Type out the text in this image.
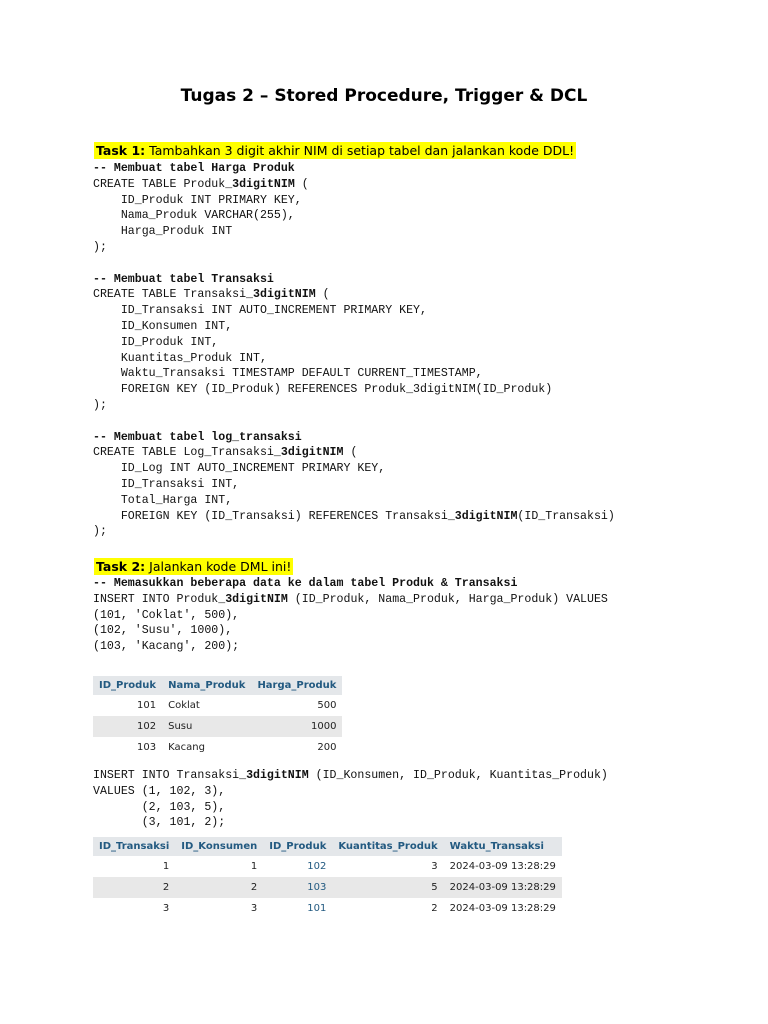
Tugas 2 – Stored Procedure, Trigger & DCL
Task 1: Tambahkan 3 digit akhir NIM di setiap tabel dan jalankan kode DDL!
-- Membuat tabel Harga Produk
CREATE TABLE Produk_3digitNIM (
ID_Produk INT PRIMARY KEY,
Nama_Produk VARCHAR(255),
Harga_Produk INT
);

-- Membuat tabel Transaksi
CREATE TABLE Transaksi_3digitNIM (
ID_Transaksi INT AUTO_INCREMENT PRIMARY KEY,
ID_Konsumen INT,
ID_Produk INT,
Kuantitas_Produk INT,
Waktu_Transaksi TIMESTAMP DEFAULT CURRENT_TIMESTAMP,
FOREIGN KEY (ID_Produk) REFERENCES Produk_3digitNIM(ID_Produk)
);

-- Membuat tabel log_transaksi
CREATE TABLE Log_Transaksi_3digitNIM (
ID_Log INT AUTO_INCREMENT PRIMARY KEY,
ID_Transaksi INT,
Total_Harga INT,
FOREIGN KEY (ID_Transaksi) REFERENCES Transaksi_3digitNIM(ID_Transaksi)
);
Task 2: Jalankan kode DML ini!
-- Memasukkan beberapa data ke dalam tabel Produk & Transaksi
INSERT INTO Produk_3digitNIM (ID_Produk, Nama_Produk, Harga_Produk) VALUES
(101, 'Coklat', 500),
(102, 'Susu', 1000),
(103, 'Kacang', 200);
ID_Produk	Nama_Produk	Harga_Produk
101	Coklat	500
102	Susu	1000
103	Kacang	200
INSERT INTO Transaksi_3digitNIM (ID_Konsumen, ID_Produk, Kuantitas_Produk)
VALUES (1, 102, 3),
(2, 103, 5),
(3, 101, 2);
ID_Transaksi	ID_Konsumen	ID_Produk	Kuantitas_Produk	Waktu_Transaksi
1	1	102	3	2024-03-09 13:28:29
2	2	103	5	2024-03-09 13:28:29
3	3	101	2	2024-03-09 13:28:29
